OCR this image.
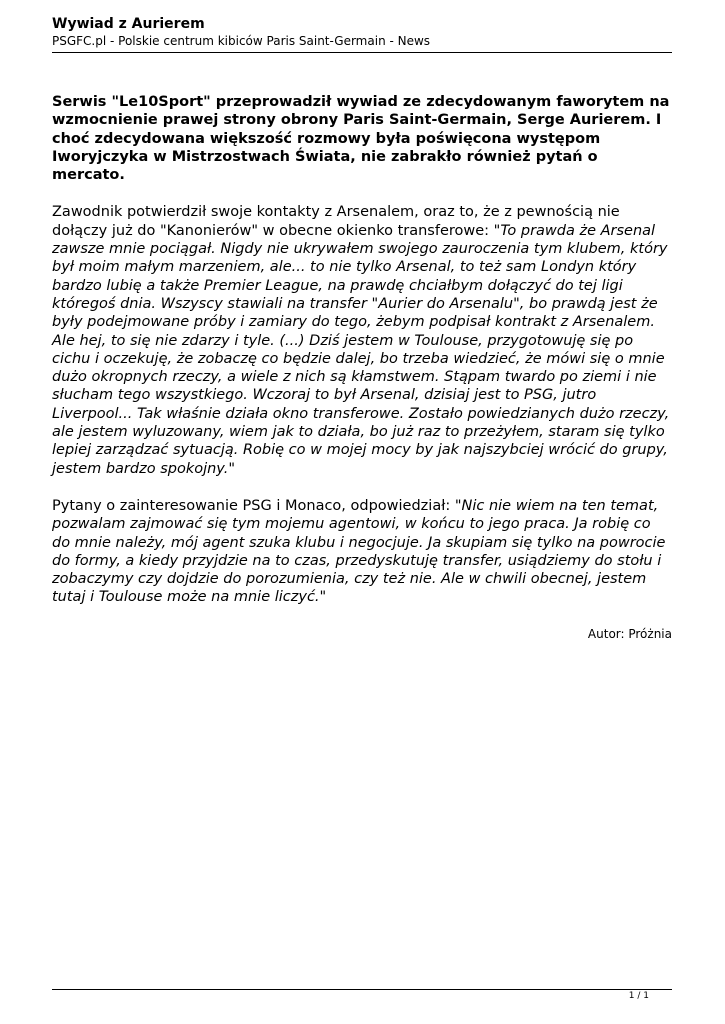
Wywiad z Aurierem
PSGFC.pl - Polskie centrum kibiców Paris Saint-Germain - News

Serwis "Le10Sport" przeprowadził wywiad ze zdecydowanym faworytem na wzmocnienie prawej strony obrony Paris Saint-Germain, Serge Aurierem. I choć zdecydowana większość rozmowy była poświęcona występom Iworyjczyka w Mistrzostwach Świata, nie zabrakło również pytań o mercato.

Zawodnik potwierdził swoje kontakty z Arsenalem, oraz to, że z pewnością nie dołączy już do "Kanonierów" w obecne okienko transferowe: "To prawda że Arsenal zawsze mnie pociągał. Nigdy nie ukrywałem swojego zauroczenia tym klubem, który był moim małym marzeniem, ale... to nie tylko Arsenal, to też sam Londyn który bardzo lubię a także Premier League, na prawdę chciałbym dołączyć do tej ligi któregoś dnia. Wszyscy stawiali na transfer "Aurier do Arsenalu", bo prawdą jest że były podejmowane próby i zamiary do tego, żebym podpisał kontrakt z Arsenalem. Ale hej, to się nie zdarzy i tyle. (...) Dziś jestem w Toulouse, przygotowuję się po cichu i oczekuję, że zobaczę co będzie dalej, bo trzeba wiedzieć, że mówi się o mnie dużo okropnych rzeczy, a wiele z nich są kłamstwem. Stąpam twardo po ziemi i nie słucham tego wszystkiego. Wczoraj to był Arsenal, dzisiaj jest to PSG, jutro Liverpool... Tak właśnie działa okno transferowe. Zostało powiedzianych dużo rzeczy, ale jestem wyluzowany, wiem jak to działa, bo już raz to przeżyłem, staram się tylko lepiej zarządzać sytuacją. Robię co w mojej mocy by jak najszybciej wrócić do grupy, jestem bardzo spokojny."

Pytany o zainteresowanie PSG i Monaco, odpowiedział: "Nic nie wiem na ten temat, pozwalam zajmować się tym mojemu agentowi, w końcu to jego praca. Ja robię co do mnie należy, mój agent szuka klubu i negocjuje. Ja skupiam się tylko na powrocie do formy, a kiedy przyjdzie na to czas, przedyskutuję transfer, usiądziemy do stołu i zobaczymy czy dojdzie do porozumienia, czy też nie. Ale w chwili obecnej, jestem tutaj i Toulouse może na mnie liczyć."

Autor: Próżnia
1 / 1
